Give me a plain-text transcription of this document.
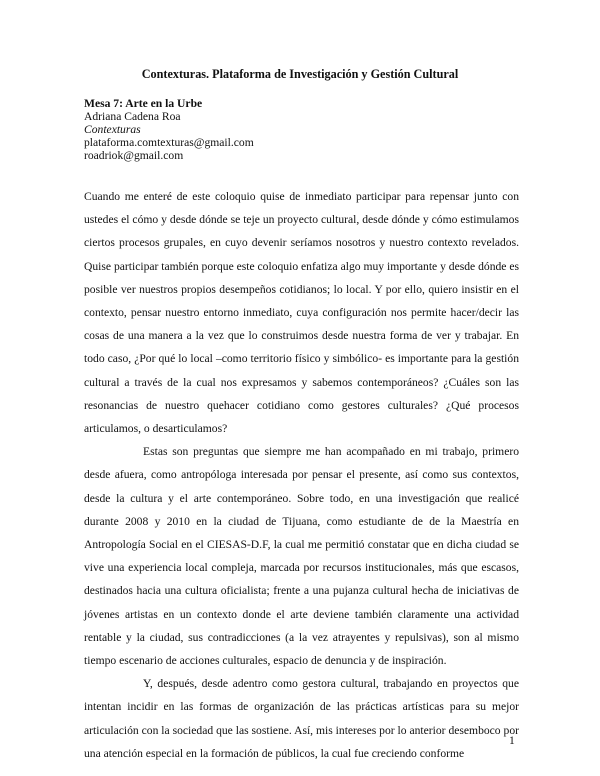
Contexturas. Plataforma de Investigación y Gestión Cultural
Mesa 7: Arte en la Urbe
Adriana Cadena Roa
Contexturas
plataforma.comtexturas@gmail.com
roadriok@gmail.com

Cuando me enteré de este coloquio quise de inmediato participar para repensar junto con ustedes el cómo y desde dónde se teje un proyecto cultural, desde dónde y cómo estimulamos ciertos procesos grupales, en cuyo devenir seríamos nosotros y nuestro contexto revelados. Quise participar también porque este coloquio enfatiza algo muy importante y desde dónde es posible ver nuestros propios desempeños cotidianos; lo local. Y por ello, quiero insistir en el contexto, pensar nuestro entorno inmediato, cuya configuración nos permite hacer/decir las cosas de una manera a la vez que lo construimos desde nuestra forma de ver y trabajar. En todo caso, ¿Por qué lo local –como territorio físico y simbólico- es importante para la gestión cultural a través de la cual nos expresamos y sabemos contemporáneos? ¿Cuáles son las resonancias de nuestro quehacer cotidiano como gestores culturales? ¿Qué procesos articulamos, o desarticulamos?

Estas son preguntas que siempre me han acompañado en mi trabajo, primero desde afuera, como antropóloga interesada por pensar el presente, así como sus contextos, desde la cultura y el arte contemporáneo. Sobre todo, en una investigación que realicé durante 2008 y 2010 en la ciudad de Tijuana, como estudiante de de la Maestría en Antropología Social en el CIESAS-D.F, la cual me permitió constatar que en dicha ciudad se vive una experiencia local compleja, marcada por recursos institucionales, más que escasos, destinados hacia una cultura oficialista; frente a una pujanza cultural hecha de iniciativas de jóvenes artistas en un contexto donde el arte deviene también claramente una actividad rentable y la ciudad, sus contradicciones (a la vez atrayentes y repulsivas), son al mismo tiempo escenario de acciones culturales, espacio de denuncia y de inspiración.

Y, después, desde adentro como gestora cultural, trabajando en proyectos que intentan incidir en las formas de organización de las prácticas artísticas para su mejor articulación con la sociedad que las sostiene. Así, mis intereses por lo anterior desemboco por una atención especial en la formación de públicos, la cual fue creciendo conforme

1
